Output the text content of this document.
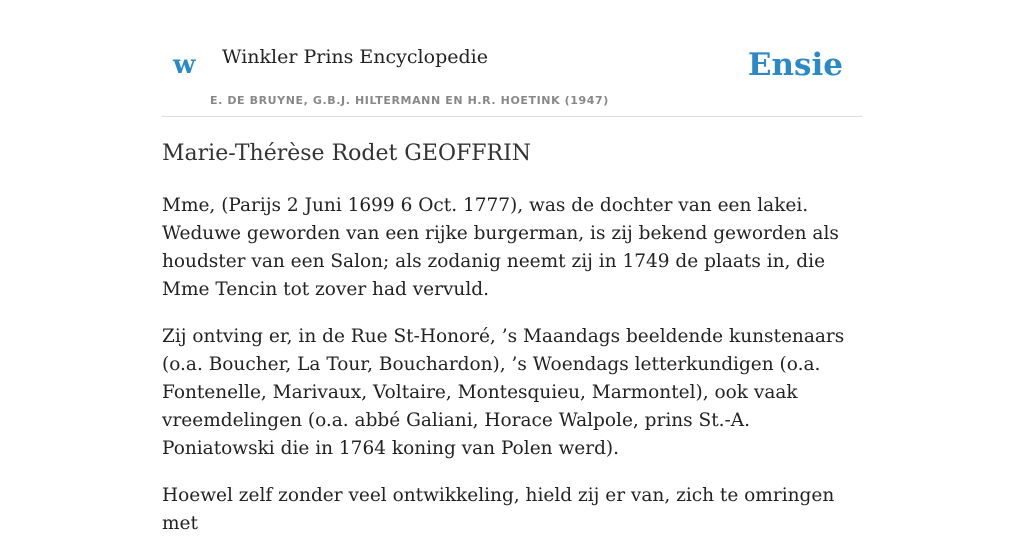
w Winkler Prins Encyclopedie
E. DE BRUYNE, G.B.J. HILTERMANN EN H.R. HOETINK (1947)
Ensie
Marie-Thérèse Rodet GEOFFRIN

Mme, (Parijs 2 Juni 1699 6 Oct. 1777), was de dochter van een lakei. Weduwe geworden van een rijke burgerman, is zij bekend geworden als houdster van een Salon; als zodanig neemt zij in 1749 de plaats in, die Mme Tencin tot zover had vervuld.

Zij ontving er, in de Rue St-Honoré, ’s Maandags beeldende kunstenaars (o.a. Boucher, La Tour, Bouchardon), ’s Woendags letterkundigen (o.a. Fontenelle, Marivaux, Voltaire, Montesquieu, Marmontel), ook vaak vreemdelingen (o.a. abbé Galiani, Horace Walpole, prins St.-A. Poniatowski die in 1764 koning van Polen werd).

Hoewel zelf zonder veel ontwikkeling, hield zij er van, zich te omringen met
